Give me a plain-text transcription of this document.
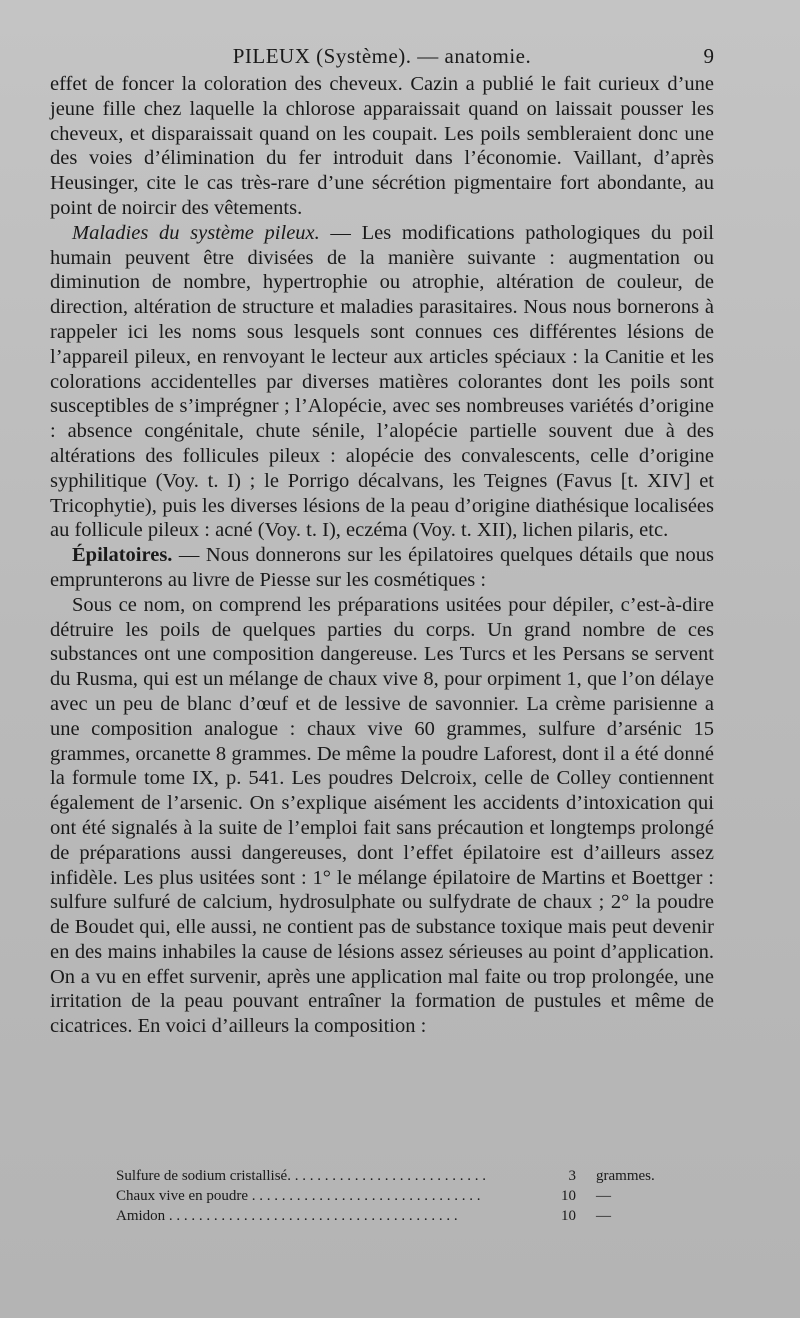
PILEUX (Système). — anatomie.	9

effet de foncer la coloration des cheveux. Cazin a publié le fait curieux d’une jeune fille chez laquelle la chlorose apparaissait quand on laissait pousser les cheveux, et disparaissait quand on les coupait. Les poils sembleraient donc une des voies d’élimination du fer introduit dans l’économie. Vaillant, d’après Heusinger, cite le cas très-rare d’une sécrétion pigmentaire fort abondante, au point de noircir des vêtements.

Maladies du système pileux. — Les modifications pathologiques du poil humain peuvent être divisées de la manière suivante : augmentation ou diminution de nombre, hypertrophie ou atrophie, altération de couleur, de direction, altération de structure et maladies parasitaires. Nous nous bornerons à rappeler ici les noms sous lesquels sont connues ces différentes lésions de l’appareil pileux, en renvoyant le lecteur aux articles spéciaux : la Canitie et les colorations accidentelles par diverses matières colorantes dont les poils sont susceptibles de s’imprégner ; l’Alopécie, avec ses nombreuses variétés d’origine : absence congénitale, chute sénile, l’alopécie partielle souvent due à des altérations des follicules pileux : alopécie des convalescents, celle d’origine syphilitique (Voy. t. I) ; le Porrigo décalvans, les Teignes (Favus [t. XIV] et Tricophytie), puis les diverses lésions de la peau d’origine diathésique localisées au follicule pileux : acné (Voy. t. I), eczéma (Voy. t. XII), lichen pilaris, etc.

Épilatoires. — Nous donnerons sur les épilatoires quelques détails que nous emprunterons au livre de Piesse sur les cosmétiques :

Sous ce nom, on comprend les préparations usitées pour dépiler, c’est-à-dire détruire les poils de quelques parties du corps. Un grand nombre de ces substances ont une composition dangereuse. Les Turcs et les Persans se servent du Rusma, qui est un mélange de chaux vive 8, pour orpiment 1, que l’on délaye avec un peu de blanc d’œuf et de lessive de savonnier. La crème parisienne a une composition analogue : chaux vive 60 grammes, sulfure d’arsénic 15 grammes, orcanette 8 grammes. De même la poudre Laforest, dont il a été donné la formule tome IX, p. 541. Les poudres Delcroix, celle de Colley contiennent également de l’arsenic. On s’explique aisément les accidents d’intoxication qui ont été signalés à la suite de l’emploi fait sans précaution et longtemps prolongé de préparations aussi dangereuses, dont l’effet épilatoire est d’ailleurs assez infidèle. Les plus usitées sont : 1° le mélange épilatoire de Martins et Boettger : sulfure sulfuré de calcium, hydrosulphate ou sulfydrate de chaux ; 2° la poudre de Boudet qui, elle aussi, ne contient pas de substance toxique mais peut devenir en des mains inhabiles la cause de lésions assez sérieuses au point d’application. On a vu en effet survenir, après une application mal faite ou trop prolongée, une irritation de la peau pouvant entraîner la formation de pustules et même de cicatrices. En voici d’ailleurs la composition :

Sulfure de sodium cristallisé. . . . . . . . . . . . . . . . . . . . . . . . . . .	3 grammes.
Chaux vive en poudre . . . . . . . . . . . . . . . . . . . . . . . . . . . . . . .	10 —
Amidon . . . . . . . . . . . . . . . . . . . . . . . . . . . . . . . . . . . . . . .	10 —
